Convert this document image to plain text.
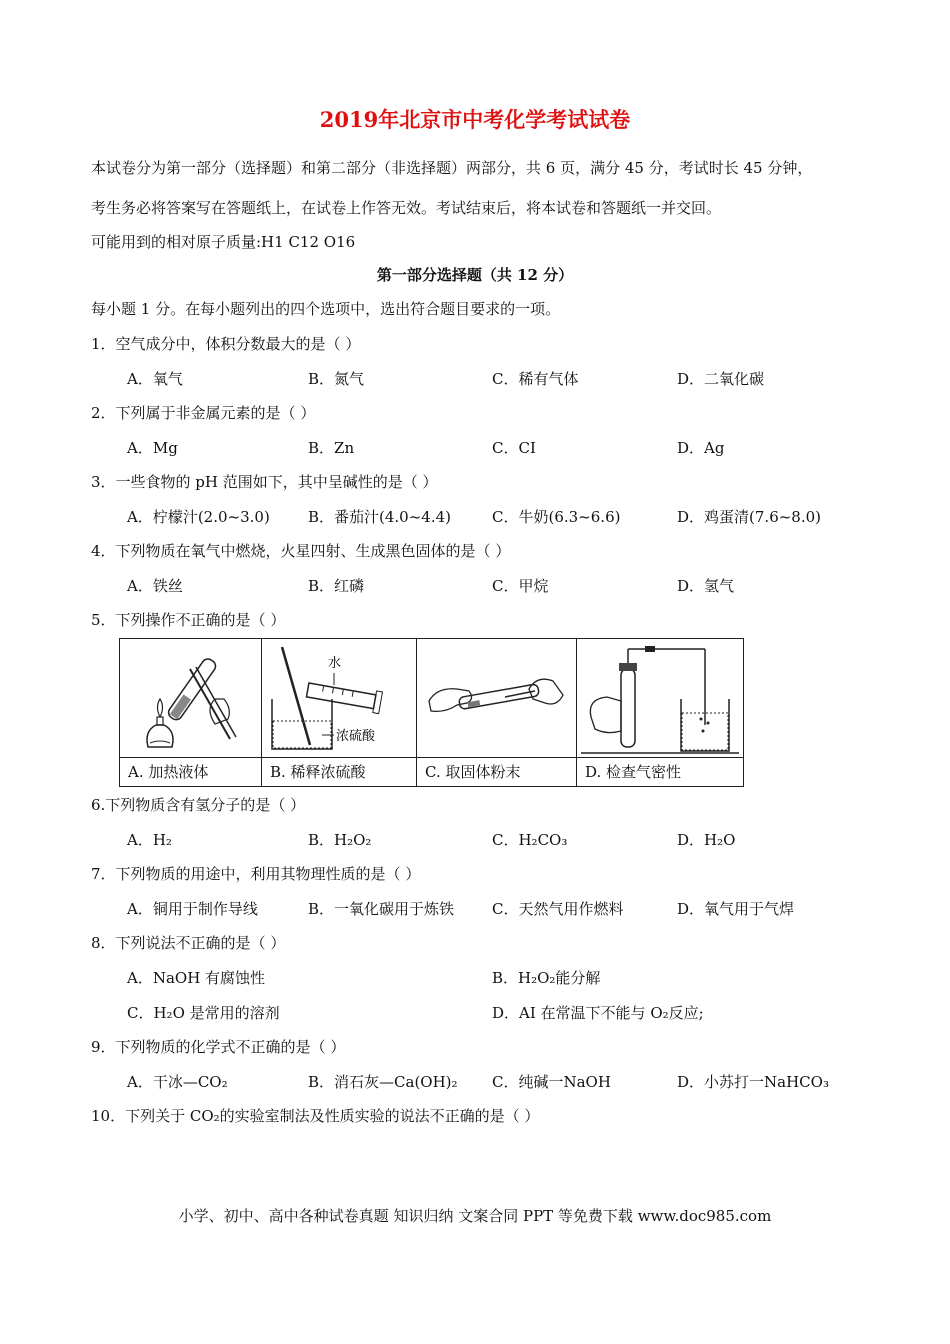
2019年北京市中考化学考试试卷
本试卷分为第一部分（选择题）和第二部分（非选择题）两部分，共 6 页，满分 45 分，考试时长 45 分钟，
考生务必将答案写在答题纸上，在试卷上作答无效。考试结束后，将本试卷和答题纸一并交回。
可能用到的相对原子质量:H1 C12 O16
第一部分选择题（共 12 分）
每小题 1 分。在每小题列出的四个选项中，选出符合题目要求的一项。
1．空气成分中，体积分数最大的是（ ）
A．氧气	B．氮气	C．稀有气体	D．二氧化碳
2．下列属于非金属元素的是（ ）
A．Mg	B．Zn	C．CI	D．Ag
3．一些食物的 pH 范围如下，其中呈碱性的是（ ）
A．柠檬汁(2.0~3.0)	B．番茄汁(4.0~4.4)	C．牛奶(6.3~6.6)	D．鸡蛋清(7.6~8.0)
4．下列物质在氧气中燃烧，火星四射、生成黑色固体的是（ ）
A．铁丝	B．红磷	C．甲烷	D．氢气
5．下列操作不正确的是（ ）

水
浓硫酸

A. 加热液体	B. 稀释浓硫酸	C. 取固体粉末	D. 检查气密性
6.下列物质含有氢分子的是（ ）
A．H₂	B．H₂O₂	C．H₂CO₃	D．H₂O
7．下列物质的用途中，利用其物理性质的是（ ）
A．铜用于制作导线	B．一氧化碳用于炼铁	C．天然气用作燃料	D．氧气用于气焊
8．下列说法不正确的是（ ）
A．NaOH 有腐蚀性	B．H₂O₂能分解
C．H₂O 是常用的溶剂	D．AI 在常温下不能与 O₂反应;
9．下列物质的化学式不正确的是（ ）
A．干冰—CO₂	B．消石灰—Ca(OH)₂ C．纯碱一NaOH	D．小苏打一NaHCO₃
10．下列关于 CO₂的实验室制法及性质实验的说法不正确的是（ ）
小学、初中、高中各种试卷真题 知识归纳 文案合同 PPT 等免费下载 www.doc985.com
